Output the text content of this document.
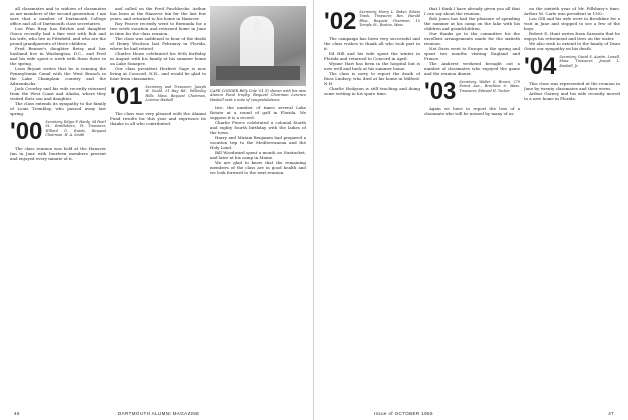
all classmates and to widows of classmates as are members of the second generation. I am sure that a number of Dartmouth College office and all of Dartmouth class secretaries.

Lou Pfau Bray has Ritchie and daughter Grace recently had a fine visit with Bob and his wife, who live in Pittsfield, and who are the proud grandparents of three children.

Fred Benner's daughter Betsy and her husband live in Washington, D.C., and Fred and his wife spent a week with them there in the spring.

Leon Bryant writes that he is running the Pennsylvania Canal with the West Branch in the Lake Champlain country and the Adirondacks.

Jack Crowley and his wife recently returned from the West Coast and Alaska, where they visited their son and daughter.

The class extends its sympathy to the family of Louis Tremblay, who passed away last spring.

'00 Secretary, Edgar P. Hardy, 94 Pearl St., Brattleboro, Vt. Treasurer, Willard G. Eustis, Bequest Chairman, H. A. Smith

The class reunion was held at the Hanover Inn in June with fourteen members present and enjoyed every minute of it.

and called on the Fred Pinchbecks. Arthur has been at the Hanover Inn for the last few years, and returned to his home in Hanover.

Roy Pearce recently went to Bermuda for a two week vacation and returned home in June in time for the class reunion.

The class was saddened to hear of the death of Henry Woolson last February in Florida, where he had retired.

Charles Howe celebrated his 80th birthday in August with his family at his summer home on Lake Sunapee.

Our class president Herbert Gage is now living at Concord, N.H., and would be glad to hear from classmates.

'01 Secretary and Treasurer, Joseph W. Gould, 31 Bay Rd., Wellesley Hills, Mass. Bequest Chairman, Lorenzo Haskell

The class was very pleased with the Alumni Fund results for this year and expresses its thanks to all who contributed.

CAPE CODDER Billy Cole '01 (l) shown with his new Alumni Fund trophy. Bequest Chairman Lorenzo Haskell sent a note of congratulations.

tive, the number of times several Lake Rotate at a round of golf in Florida. We suppose it is a record.

Charlie Pierce celebrated a colonial fourth and eighty fourth birthday with the ladies of the town.

Harry and Miriam Benjamin had prepared a vacation trip to the Mediterranean and the Holy Land.

Bill Woodward spent a month on Nantucket, and later at his camp in Maine.

We are glad to know that the remaining members of the class are in good health and we look forward to the next reunion.

46	DARTMOUTH ALUMNI MAGAZINE
'02 Secretary, Harry L. Baker, Edwin Trask, Treasurer, Rev. Harold Bliss, Bequest Chairman, 10 Temple St., Boston, Mass.

The campaign has been very successful and the class wishes to thank all who took part in it.

Ed Hill and his wife spent the winter in Florida and returned to Concord in April.

Wynne Hart has been in the hospital but is now well and back at his summer home.

The class is sorry to report the death of Russ Lindsey, who died at his home in Milford, N.H.

Charlie Hodgson is still teaching and doing some writing in his spare time.

that I think I have already given you all that I can say about the reunion.

Bob Jones has had the pleasure of spending the summer at his camp on the lake with his children and grandchildren.

Our thanks go to the committee for the excellent arrangements made for the sixtieth reunion.

Nat Davis went to Europe in the spring and spent two months visiting England and France.

The Amherst weekend brought out a number of classmates who enjoyed the game and the reunion dinner.

'03 Secretary, Walter S. Brown, 279 Forest Ave., Brockton 6, Mass. Treasurer, Edward H. Tucker

Again we have to report the loss of a classmate who will be missed by many of us.

on the sixtieth year of Mr. Pillsbury's time, Arthur M. Carle was president in 1902.

Lou Gill and his wife were in Brookline for a visit in June and stopped to see a few of the boys.

Robert D. Hunt writes from Sarasota that he enjoys his retirement and lives on the water.

We also wish to extend to the family of Dean Grant our sympathy on his death.

'04 Secretary, David S. Austin, Lowell, Mass. Treasurer, Joseph L. Kimball, Jr.

This class was represented at the reunion in June by twenty classmates and their wives.

Arthur Garney and his wife recently moved to a new home in Florida.

Issue of OCTOBER 1955	47
